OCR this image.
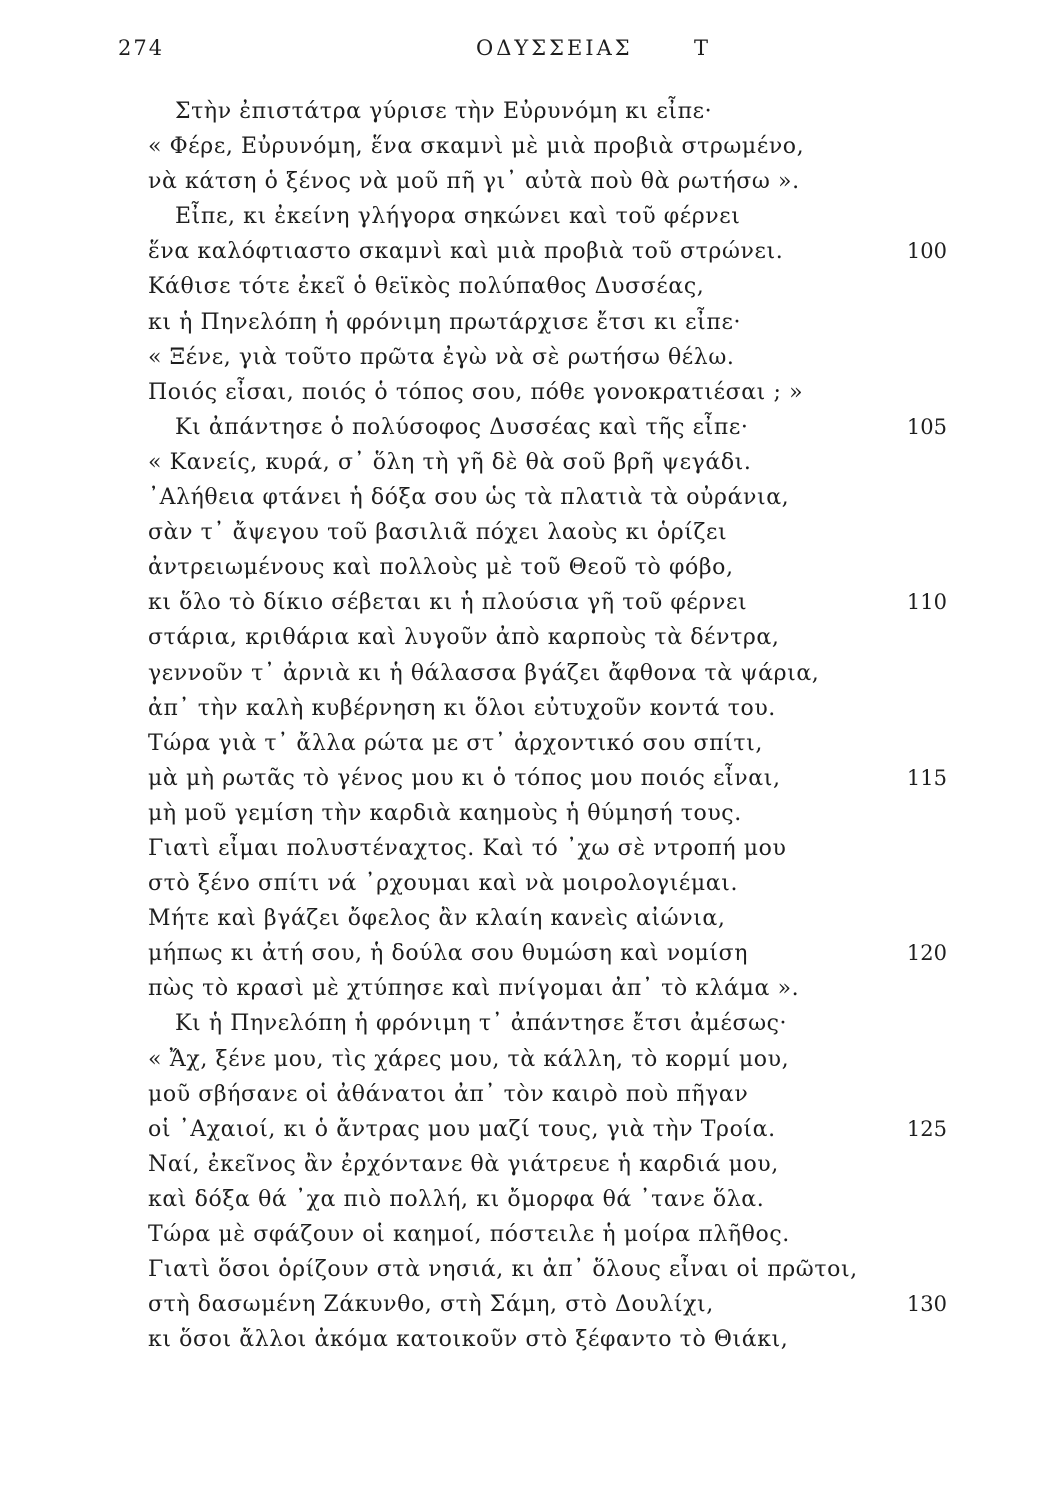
274	ΟΔΥΣΣΕΙΑΣ	Τ
Στὴν ἐπιστάτρα γύρισε τὴν Εὐρυνόμη κι εἶπε·
« Φέρε, Εὐρυνόμη, ἕνα σκαμνὶ μὲ μιὰ προβιὰ στρωμένο,
νὰ κάτση ὁ ξένος νὰ μοῦ πῆ γι᾽ αὐτὰ ποὺ θὰ ρωτήσω ».
Εἶπε, κι ἐκείνη γλήγορα σηκώνει καὶ τοῦ φέρνει
ἕνα καλόφτιαστο σκαμνὶ καὶ μιὰ προβιὰ τοῦ στρώνει.	100
Κάθισε τότε ἐκεῖ ὁ θεϊκὸς πολύπαθος Δυσσέας,
κι ἡ Πηνελόπη ἡ φρόνιμη πρωτάρχισε ἔτσι κι εἶπε·
« Ξένε, γιὰ τοῦτο πρῶτα ἐγὼ νὰ σὲ ρωτήσω θέλω.
Ποιός εἶσαι, ποιός ὁ τόπος σου, πόθε γονοκρατιέσαι ; »
Κι ἀπάντησε ὁ πολύσοφος Δυσσέας καὶ τῆς εἶπε·	105
« Κανείς, κυρά, σ᾽ ὅλη τὴ γῆ δὲ θὰ σοῦ βρῆ ψεγάδι.
᾽Αλήθεια φτάνει ἡ δόξα σου ὡς τὰ πλατιὰ τὰ οὐράνια,
σὰν τ᾽ ἄψεγου τοῦ βασιλιᾶ πόχει λαοὺς κι ὁρίζει
ἀντρειωμένους καὶ πολλοὺς μὲ τοῦ Θεοῦ τὸ φόβο,
κι ὅλο τὸ δίκιο σέβεται κι ἡ πλούσια γῆ τοῦ φέρνει	110
στάρια, κριθάρια καὶ λυγοῦν ἀπὸ καρποὺς τὰ δέντρα,
γεννοῦν τ᾽ ἀρνιὰ κι ἡ θάλασσα βγάζει ἄφθονα τὰ ψάρια,
ἀπ᾽ τὴν καλὴ κυβέρνηση κι ὅλοι εὐτυχοῦν κοντά του.
Τώρα γιὰ τ᾽ ἄλλα ρώτα με στ᾽ ἀρχοντικό σου σπίτι,
μὰ μὴ ρωτᾶς τὸ γένος μου κι ὁ τόπος μου ποιός εἶναι,	115
μὴ μοῦ γεμίση τὴν καρδιὰ καημοὺς ἡ θύμησή τους.
Γιατὶ εἶμαι πολυστέναχτος. Καὶ τό ᾽χω σὲ ντροπή μου
στὸ ξένο σπίτι νά ᾽ρχουμαι καὶ νὰ μοιρολογιέμαι.
Μήτε καὶ βγάζει ὄφελος ἂν κλαίη κανεὶς αἰώνια,
μήπως κι ἀτή σου, ἡ δούλα σου θυμώση καὶ νομίση	120
πὼς τὸ κρασὶ μὲ χτύπησε καὶ πνίγομαι ἀπ᾽ τὸ κλάμα ».
Κι ἡ Πηνελόπη ἡ φρόνιμη τ᾽ ἀπάντησε ἔτσι ἀμέσως·
« Ἄχ, ξένε μου, τὶς χάρες μου, τὰ κάλλη, τὸ κορμί μου,
μοῦ σβήσανε οἱ ἀθάνατοι ἀπ᾽ τὸν καιρὸ ποὺ πῆγαν
οἱ ᾽Αχαιοί, κι ὁ ἄντρας μου μαζί τους, γιὰ τὴν Τροία.	125
Ναί, ἐκεῖνος ἂν ἐρχόντανε θὰ γιάτρευε ἡ καρδιά μου,
καὶ δόξα θά ᾽χα πιὸ πολλή, κι ὄμορφα θά ᾽τανε ὅλα.
Τώρα μὲ σφάζουν οἱ καημοί, πόστειλε ἡ μοίρα πλῆθος.
Γιατὶ ὅσοι ὁρίζουν στὰ νησιά, κι ἀπ᾽ ὅλους εἶναι οἱ πρῶτοι,
στὴ δασωμένη Ζάκυνθο, στὴ Σάμη, στὸ Δουλίχι,	130
κι ὅσοι ἄλλοι ἀκόμα κατοικοῦν στὸ ξέφαντο τὸ Θιάκι,
